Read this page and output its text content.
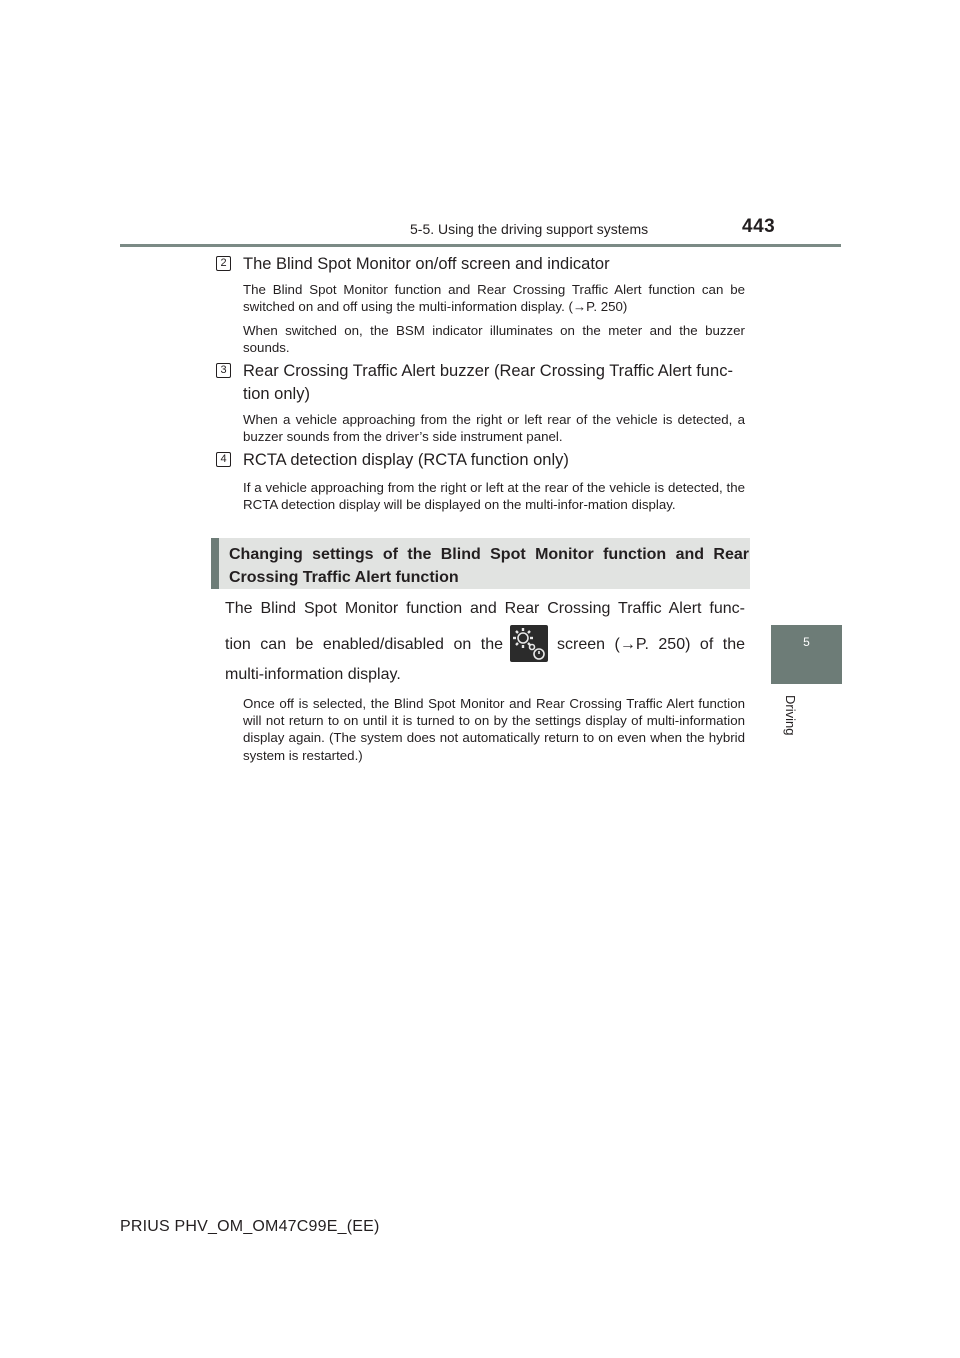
5-5. Using the driving support systems	443
5
Driving
2 The Blind Spot Monitor on/off screen and indicator
The Blind Spot Monitor function and Rear Crossing Traffic Alert function can be switched on and off using the multi-information display. (→P. 250)
When switched on, the BSM indicator illuminates on the meter and the buzzer sounds.
3 Rear Crossing Traffic Alert buzzer (Rear Crossing Traffic Alert func-tion only)
When a vehicle approaching from the right or left rear of the vehicle is detected, a buzzer sounds from the driver’s side instrument panel.
4 RCTA detection display (RCTA function only)
If a vehicle approaching from the right or left at the rear of the vehicle is detected, the RCTA detection display will be displayed on the multi-infor-mation display.
Changing settings of the Blind Spot Monitor function and Rear Crossing Traffic Alert function
The Blind Spot Monitor function and Rear Crossing Traffic Alert func-
tion can be enabled/disabled on the	screen (→P. 250) of the
multi-information display.
Once off is selected, the Blind Spot Monitor and Rear Crossing Traffic Alert function will not return to on until it is turned to on by the settings display of multi-information display again. (The system does not automatically return to on even when the hybrid system is restarted.)
PRIUS PHV_OM_OM47C99E_(EE)
